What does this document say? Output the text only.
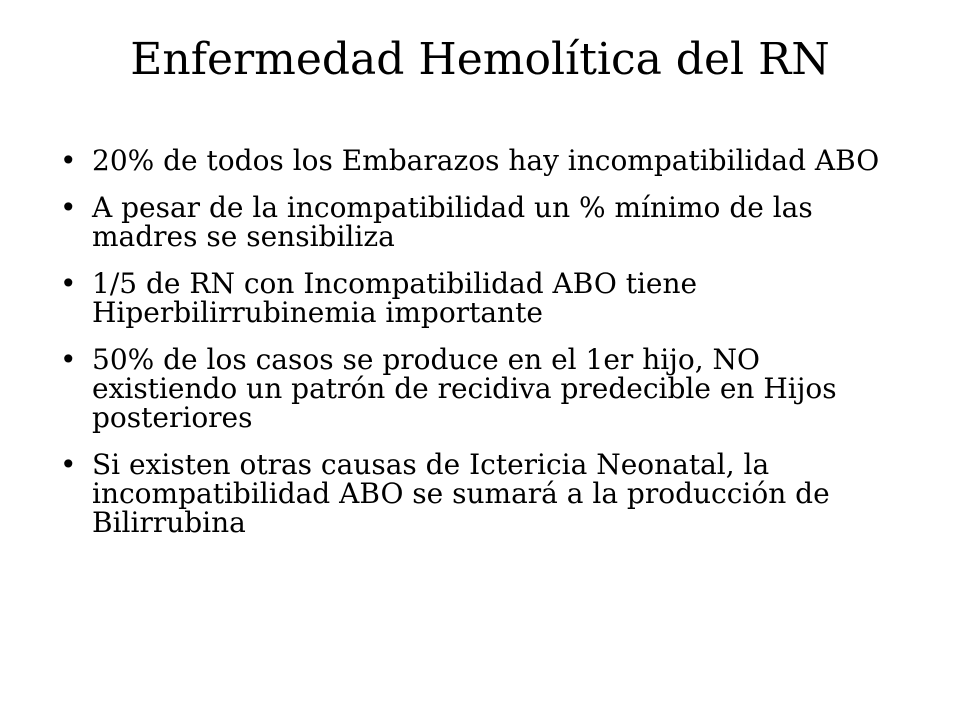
Enfermedad Hemolítica del RN
• 20% de todos los Embarazos hay incompatibilidad ABO
• A pesar de la incompatibilidad un % mínimo de las madres se sensibiliza
• 1/5 de RN con Incompatibilidad ABO tiene Hiperbilirrubinemia importante
• 50% de los casos se produce en el 1er hijo, NO existiendo un patrón de recidiva predecible en Hijos posteriores
• Si existen otras causas de Ictericia Neonatal, la incompatibilidad ABO se sumará a la producción de Bilirrubina
